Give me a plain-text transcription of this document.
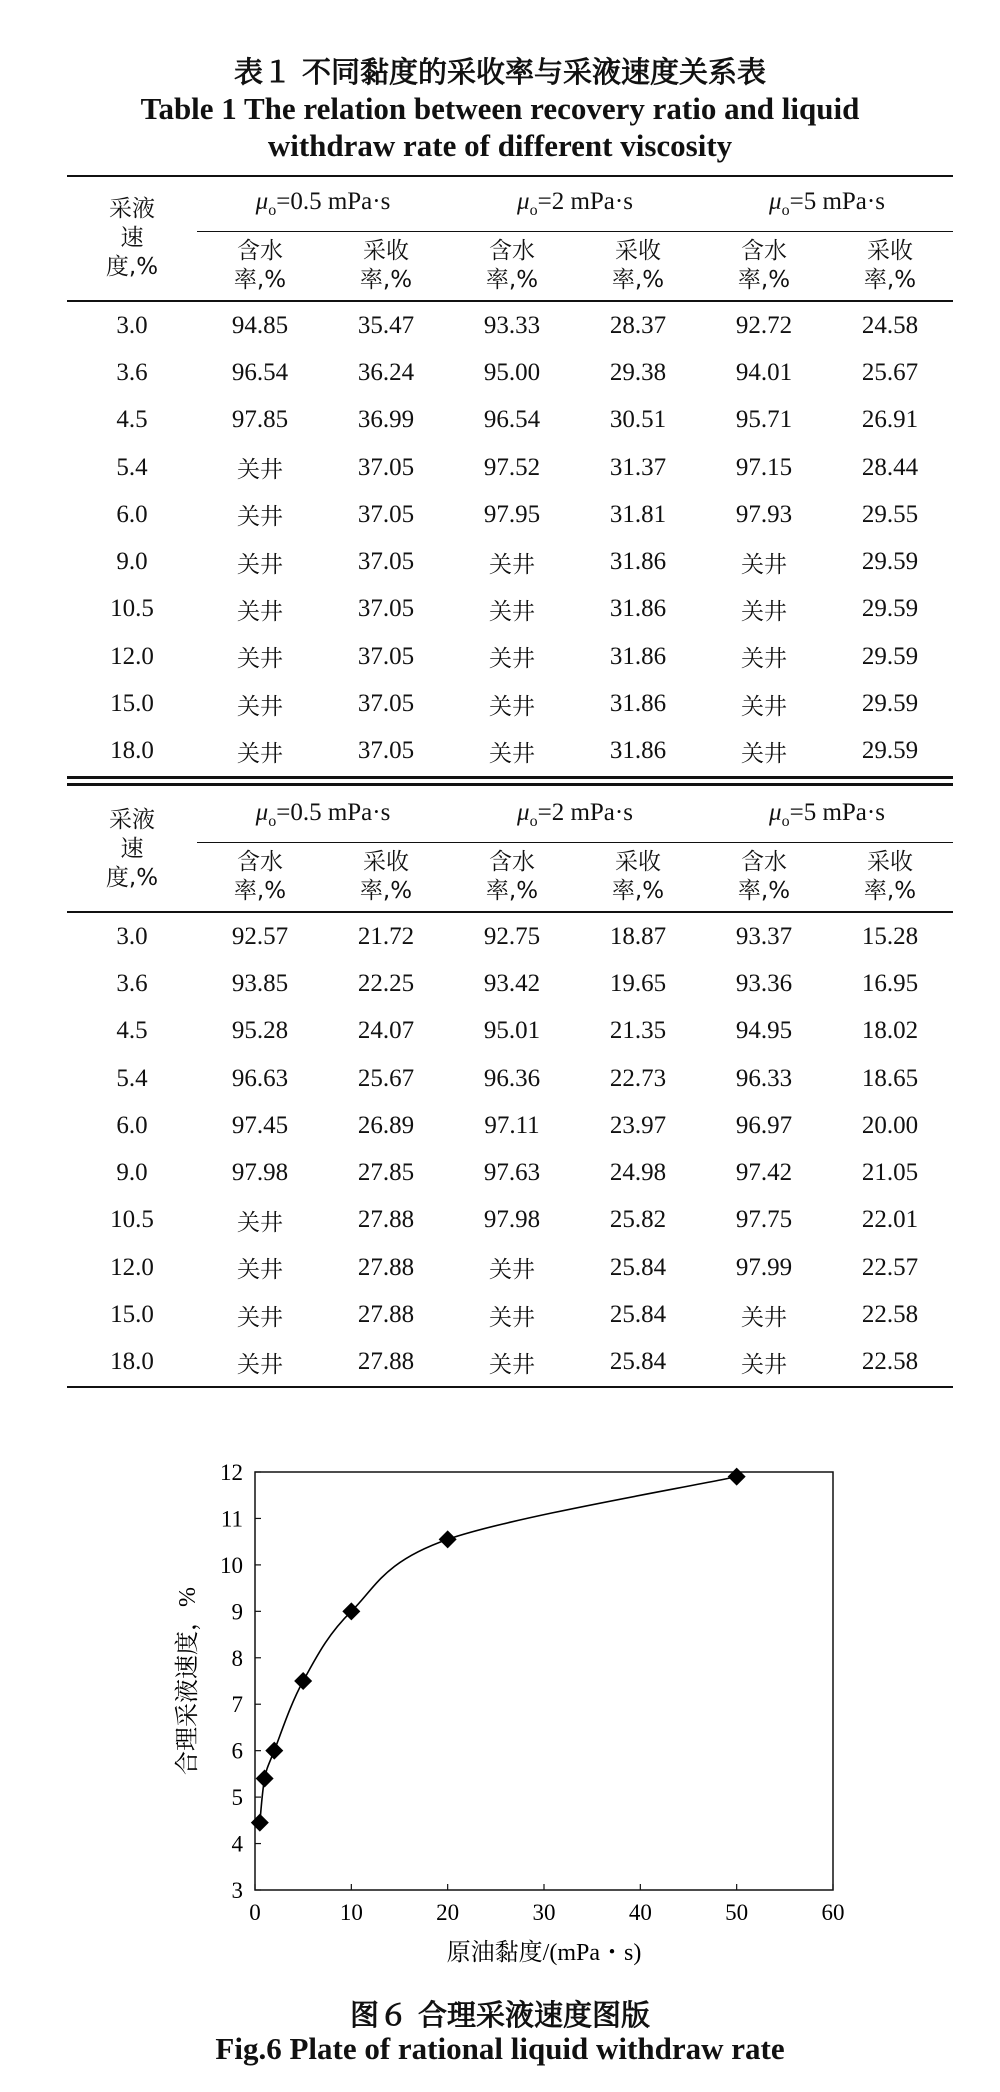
表１ 不同黏度的采收率与采液速度关系表
Table 1 The relation between recovery ratio and liquid
withdraw rate of different viscosity
采液
速
度,%	$\mu_o=0.5$ mPa·s		$\mu_o=2$ mPa·s		$\mu_o=5$ mPa·s	
	含水
率,%	采收
率,%	含水
率,%	采收
率,%	含水
率,%	采收
率,%
3.0	94.85	35.47	93.33	28.37	92.72	24.58
3.6	96.54	36.24	95.00	29.38	94.01	25.67
4.5	97.85	36.99	96.54	30.51	95.71	26.91
5.4	关井	37.05	97.52	31.37	97.15	28.44
6.0	关井	37.05	97.95	31.81	97.93	29.55
9.0	关井	37.05	关井	31.86	关井	29.59
10.5	关井	37.05	关井	31.86	关井	29.59
12.0	关井	37.05	关井	31.86	关井	29.59
15.0	关井	37.05	关井	31.86	关井	29.59
18.0	关井	37.05	关井	31.86	关井	29.59
采液
速
度,%	$\mu_o=0.5$ mPa·s		$\mu_o=2$ mPa·s		$\mu_o=5$ mPa·s	
	含水
率,%	采收
率,%	含水
率,%	采收
率,%	含水
率,%	采收
率,%
3.0	92.57	21.72	92.75	18.87	93.37	15.28
3.6	93.85	22.25	93.42	19.65	93.36	16.95
4.5	95.28	24.07	95.01	21.35	94.95	18.02
5.4	96.63	25.67	96.36	22.73	96.33	18.65
6.0	97.45	26.89	97.11	23.97	96.97	20.00
9.0	97.98	27.85	97.63	24.98	97.42	21.05
10.5	关井	27.88	97.98	25.82	97.75	22.01
12.0	关井	27.88	关井	25.84	97.99	22.57
15.0	关井	27.88	关井	25.84	关井	22.58
18.0	关井	27.88	关井	25.84	关井	22.58
0	10	20	30	40	50	60
3
4
5
6
7
8
9
10
11
12
原油黏度/(mPa・s)
合理采液速度，%
图６ 合理采液速度图版
Fig.6 Plate of rational liquid withdraw rate
